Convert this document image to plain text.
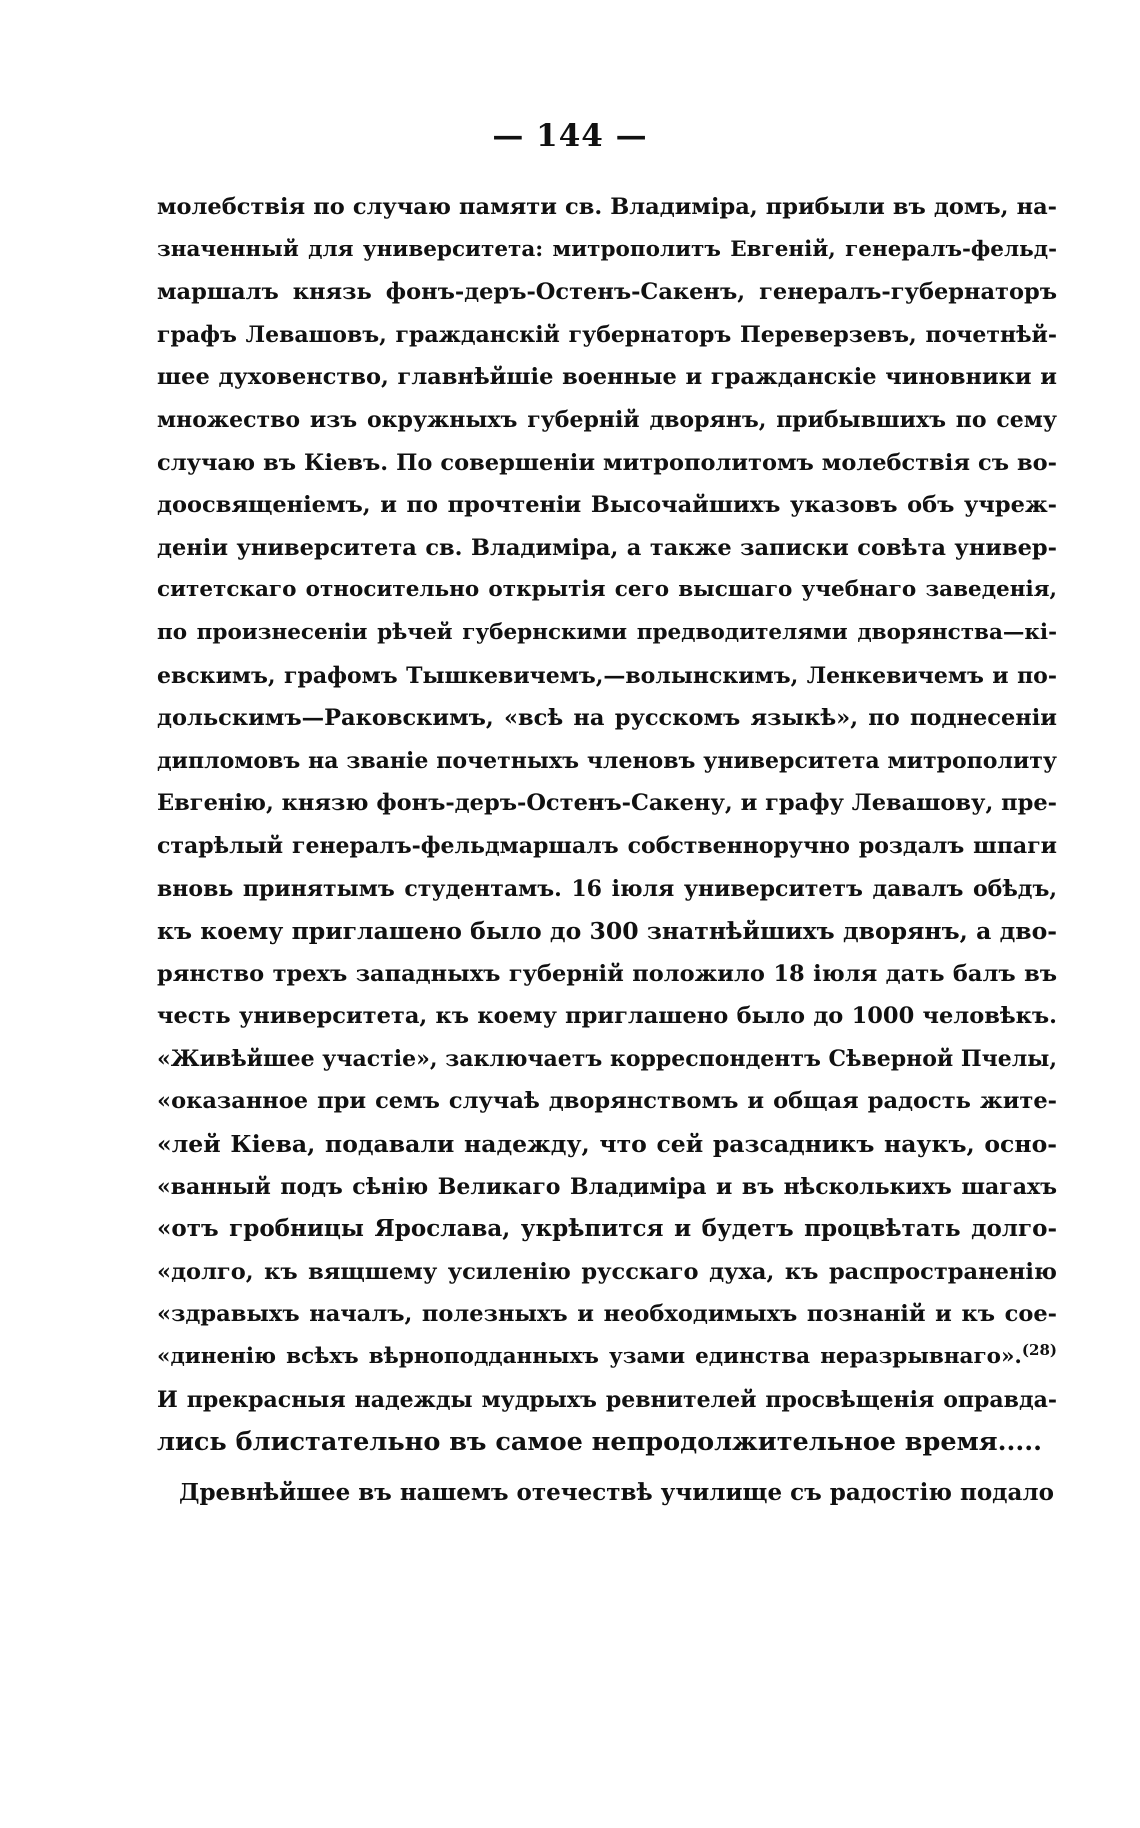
— 144 —
молебствія по случаю памяти св. Владиміра, прибыли въ домъ, на-
значенный для университета: митрополитъ Евгеній, генералъ-фельд-
маршалъ князь фонъ-деръ-Остенъ-Сакенъ, генералъ-губернаторъ
графъ Левашовъ, гражданскій губернаторъ Переверзевъ, почетнѣй-
шее духовенство, главнѣйшіе военные и гражданскіе чиновники и
множество изъ окружныхъ губерній дворянъ, прибывшихъ по сему
случаю въ Кіевъ. По совершеніи митрополитомъ молебствія съ во-
доосвященіемъ, и по прочтеніи Высочайшихъ указовъ объ учреж-
деніи университета св. Владиміра, а также записки совѣта универ-
ситетскаго относительно открытія сего высшаго учебнаго заведенія,
по произнесеніи рѣчей губернскими предводителями дворянства—кі-
евскимъ, графомъ Тышкевичемъ,—волынскимъ, Ленкевичемъ и по-
дольскимъ—Раковскимъ, «всѣ на русскомъ языкѣ», по поднесеніи
дипломовъ на званіе почетныхъ членовъ университета митрополиту
Евгенію, князю фонъ-деръ-Остенъ-Сакену, и графу Левашову, пре-
старѣлый генералъ-фельдмаршалъ собственноручно роздалъ шпаги
вновь принятымъ студентамъ. 16 іюля университетъ давалъ обѣдъ,
къ коему приглашено было до 300 знатнѣйшихъ дворянъ, а дво-
рянство трехъ западныхъ губерній положило 18 іюля дать балъ въ
честь университета, къ коему приглашено было до 1000 человѣкъ.
«Живѣйшее участіе», заключаетъ корреспондентъ Сѣверной Пчелы,
«оказанное при семъ случаѣ дворянствомъ и общая радость жите-
«лей Кіева, подавали надежду, что сей разсадникъ наукъ, осно-
«ванный подъ сѣнію Великаго Владиміра и въ нѣсколькихъ шагахъ
«отъ гробницы Ярослава, укрѣпится и будетъ процвѣтать долго-
«долго, къ вящшему усиленію русскаго духа, къ распространенію
«здравыхъ началъ, полезныхъ и необходимыхъ познаній и къ сое-
«диненію всѣхъ вѣрноподданныхъ узами единства неразрывнаго».$^{(28)}$
И прекрасныя надежды мудрыхъ ревнителей просвѣщенія оправда-
лись блистательно въ самое непродолжительное время.....
Древнѣйшее въ нашемъ отечествѣ училище съ радостію подало
